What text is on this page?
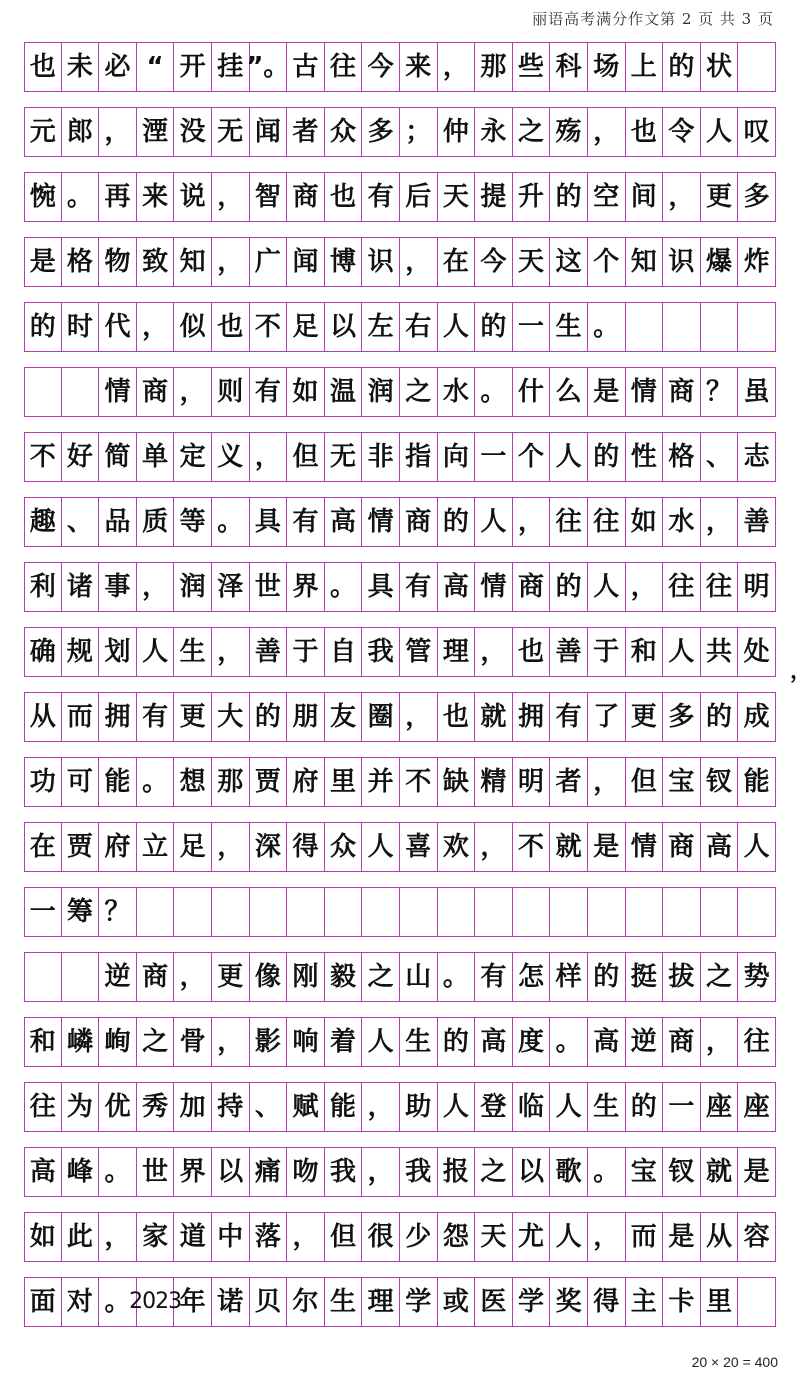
丽语高考满分作文第 2 页 共 3 页
也 未 必 “ 开 挂 ”。 古 往 今 来 ， 那 些 科 场 上 的 状
元 郎 ， 湮 没 无 闻 者 众 多 ； 仲 永 之 殇 ， 也 令 人 叹
惋 。 再 来 说 ， 智 商 也 有 后 天 提 升 的 空 间 ， 更 多
是 格 物 致 知 ， 广 闻 博 识 ， 在 今 天 这 个 知 识 爆 炸
的 时 代 ， 似 也 不 足 以 左 右 人 的 一 生 。
情 商 ， 则 有 如 温 润 之 水 。 什 么 是 情 商 ？ 虽
不 好 简 单 定 义 ， 但 无 非 指 向 一 个 人 的 性 格 、 志
趣 、 品 质 等 。 具 有 高 情 商 的 人 ， 往 往 如 水 ， 善
利 诸 事 ， 润 泽 世 界 。 具 有 高 情 商 的 人 ， 往 往 明
确 规 划 人 生 ， 善 于 自 我 管 理 ， 也 善 于 和 人 共 处
从 而 拥 有 更 大 的 朋 友 圈 ， 也 就 拥 有 了 更 多 的 成
功 可 能 。 想 那 贾 府 里 并 不 缺 精 明 者 ， 但 宝 钗 能
在 贾 府 立 足 ， 深 得 众 人 喜 欢 ， 不 就 是 情 商 高 人
一 筹 ？
逆 商 ， 更 像 刚 毅 之 山 。 有 怎 样 的 挺 拔 之 势
和 嶙 峋 之 骨 ， 影 响 着 人 生 的 高 度 。 高 逆 商 ， 往
往 为 优 秀 加 持 、 赋 能 ， 助 人 登 临 人 生 的 一 座 座
高 峰 。 世 界 以 痛 吻 我 ， 我 报 之 以 歌 。 宝 钗 就 是
如 此 ， 家 道 中 落 ， 但 很 少 怨 天 尤 人 ， 而 是 从 容
面 对 。
2023
年 诺 贝 尔 生 理 学 或 医 学 奖 得 主 卡 里
，
20 × 20 = 400
